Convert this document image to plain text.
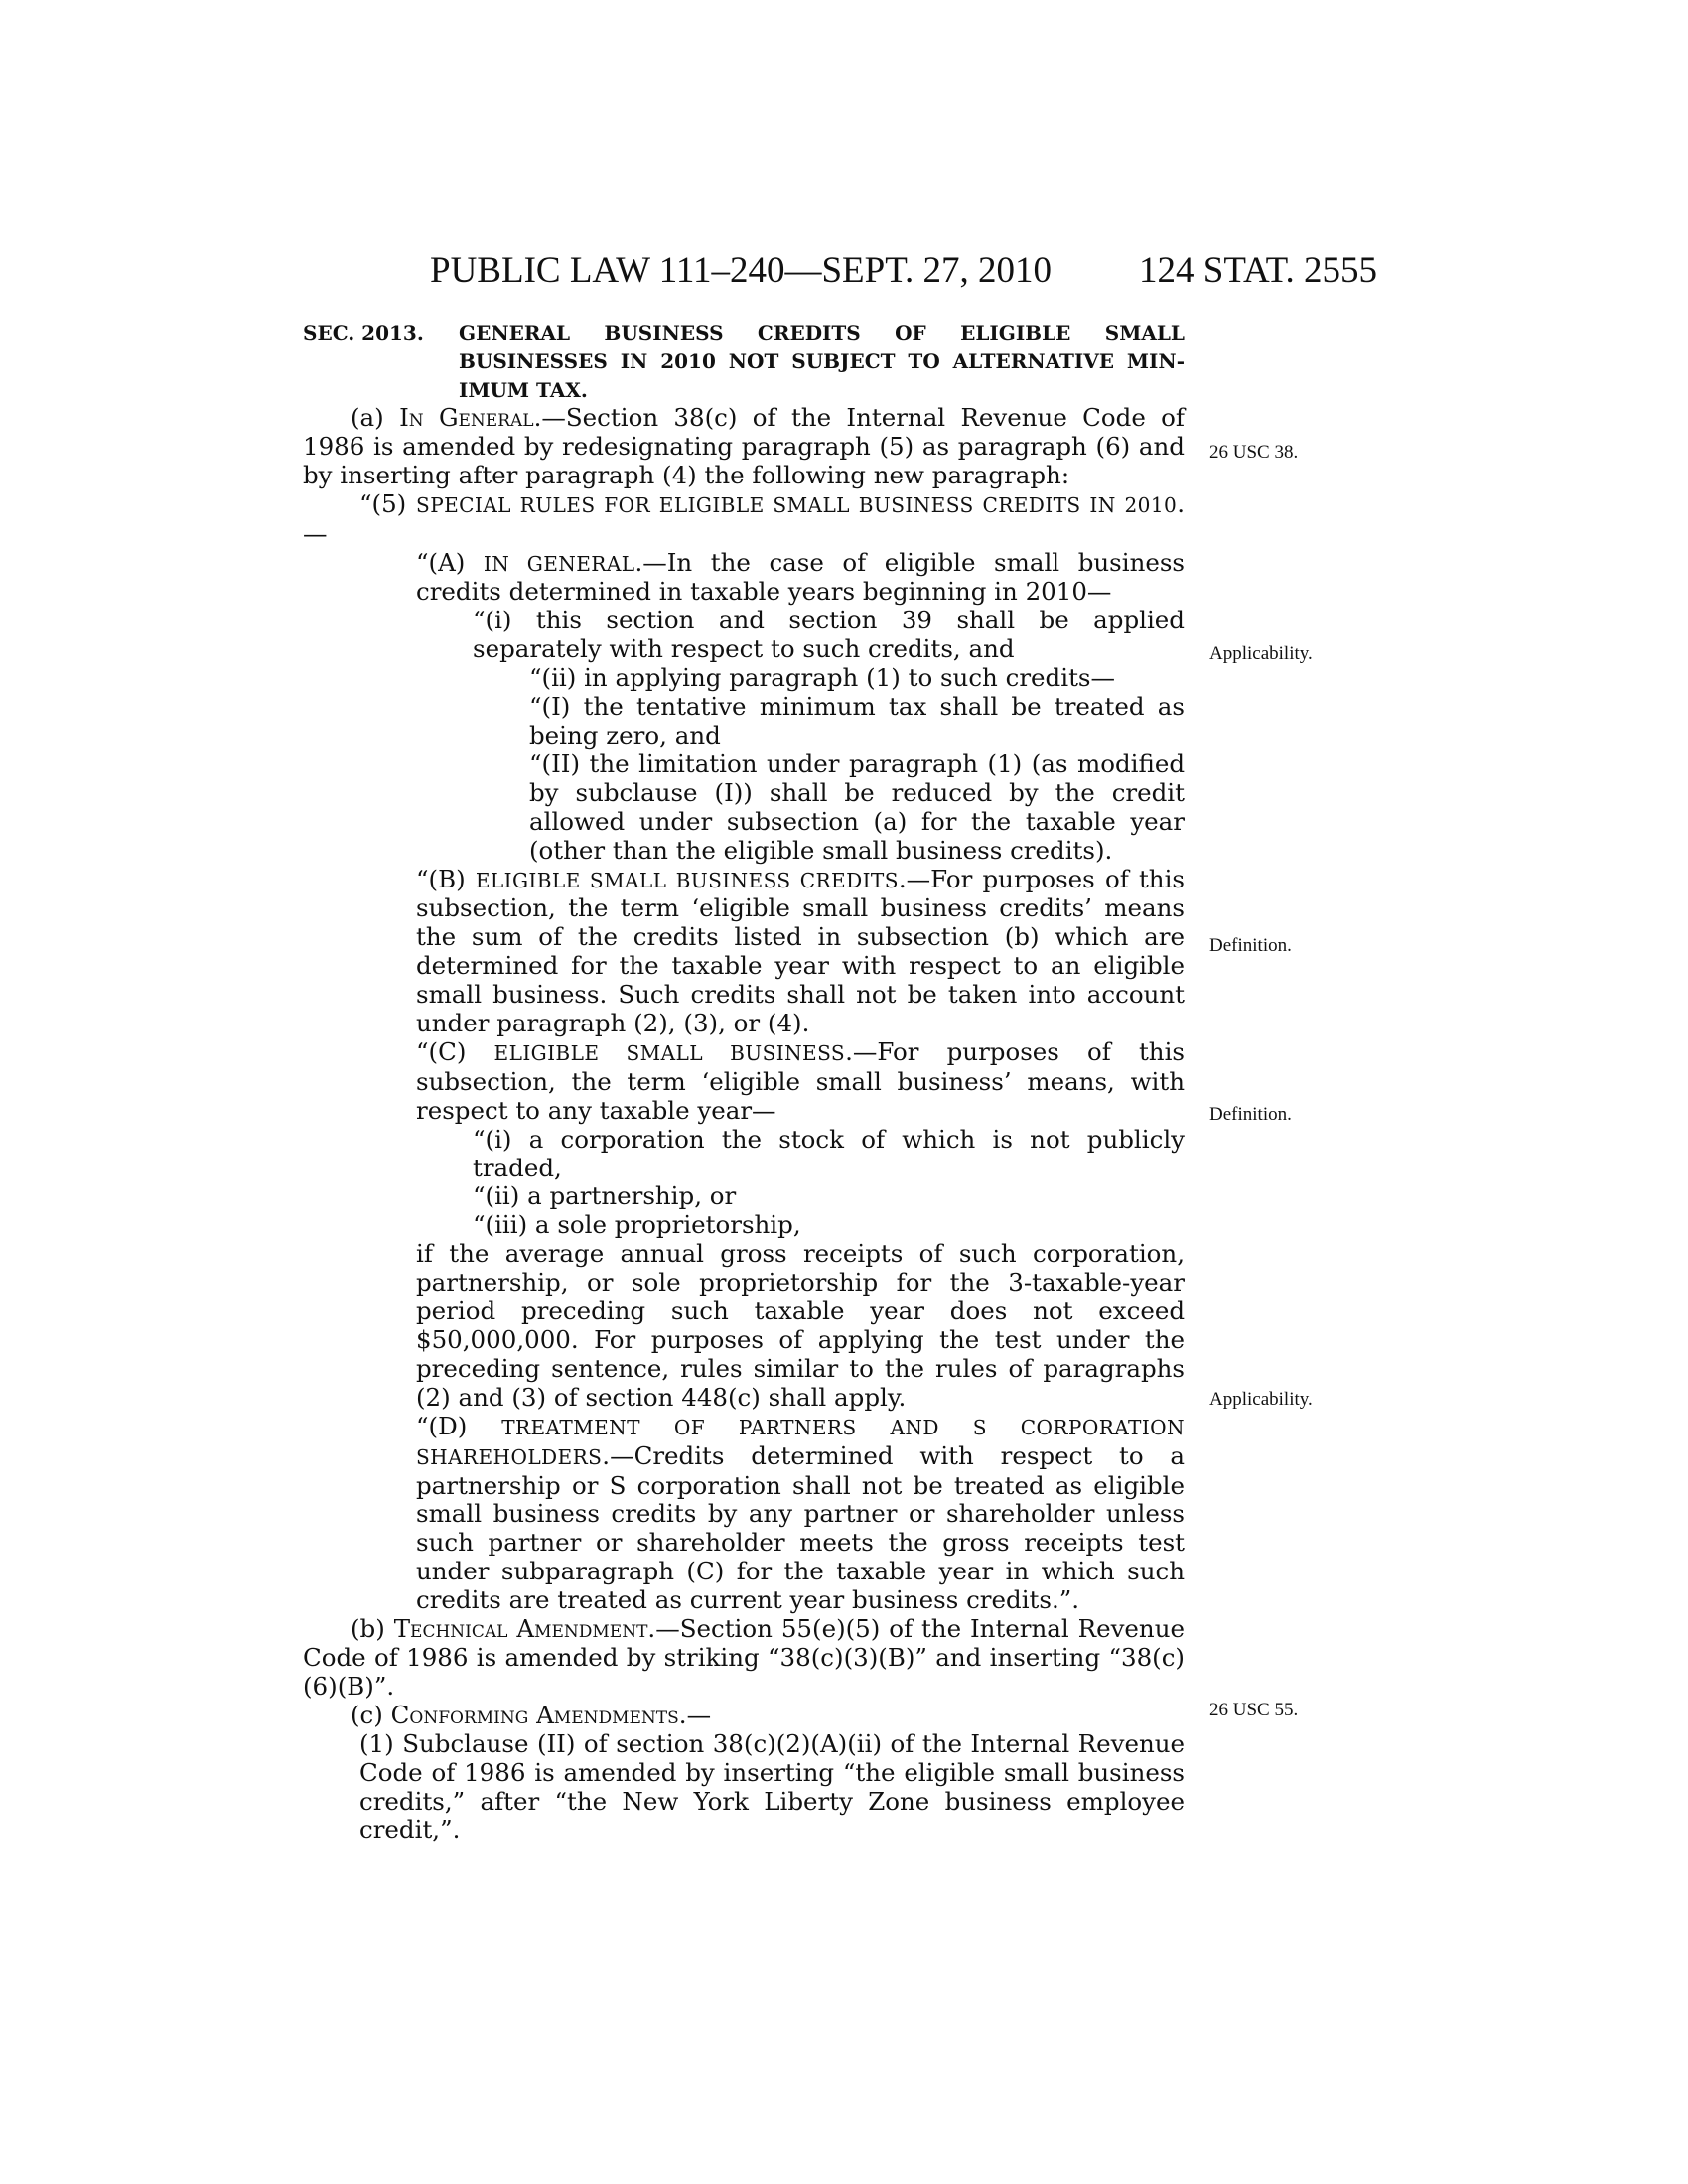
PUBLIC LAW 111–240—SEPT. 27, 2010 124 STAT. 2555
SEC. 2013. GENERAL BUSINESS CREDITS OF ELIGIBLE SMALL BUSINESSES IN 2010 NOT SUBJECT TO ALTERNATIVE MIN-IMUM TAX.

(a) In General.—Section 38(c) of the Internal Revenue Code of 1986 is amended by redesignating paragraph (5) as paragraph (6) and by inserting after paragraph (4) the following new paragraph:

“(5) SPECIAL RULES FOR ELIGIBLE SMALL BUSINESS CREDITS IN 2010.—

“(A) IN GENERAL.—In the case of eligible small business credits determined in taxable years beginning in 2010—

“(i) this section and section 39 shall be applied separately with respect to such credits, and

“(ii) in applying paragraph (1) to such credits—

“(I) the tentative minimum tax shall be treated as being zero, and

“(II) the limitation under paragraph (1) (as modified by subclause (I)) shall be reduced by the credit allowed under subsection (a) for the taxable year (other than the eligible small business credits).

“(B) ELIGIBLE SMALL BUSINESS CREDITS.—For purposes of this subsection, the term ‘eligible small business credits’ means the sum of the credits listed in subsection (b) which are determined for the taxable year with respect to an eligible small business. Such credits shall not be taken into account under paragraph (2), (3), or (4).

“(C) ELIGIBLE SMALL BUSINESS.—For purposes of this subsection, the term ‘eligible small business’ means, with respect to any taxable year—

“(i) a corporation the stock of which is not publicly traded,

“(ii) a partnership, or

“(iii) a sole proprietorship,

if the average annual gross receipts of such corporation, partnership, or sole proprietorship for the 3-taxable-year period preceding such taxable year does not exceed $50,000,000. For purposes of applying the test under the preceding sentence, rules similar to the rules of paragraphs (2) and (3) of section 448(c) shall apply.

“(D) TREATMENT OF PARTNERS AND S CORPORATION SHAREHOLDERS.—Credits determined with respect to a partnership or S corporation shall not be treated as eligible small business credits by any partner or shareholder unless such partner or shareholder meets the gross receipts test under subparagraph (C) for the taxable year in which such credits are treated as current year business credits.”.

(b) Technical Amendment.—Section 55(e)(5) of the Internal Revenue Code of 1986 is amended by striking “38(c)(3)(B)” and inserting “38(c)(6)(B)”.

(c) Conforming Amendments.—

(1) Subclause (II) of section 38(c)(2)(A)(ii) of the Internal Revenue Code of 1986 is amended by inserting “the eligible small business credits,” after “the New York Liberty Zone business employee credit,”.

26 USC 38.
Applicability.
Definition.
Definition.
Applicability.
26 USC 55.
